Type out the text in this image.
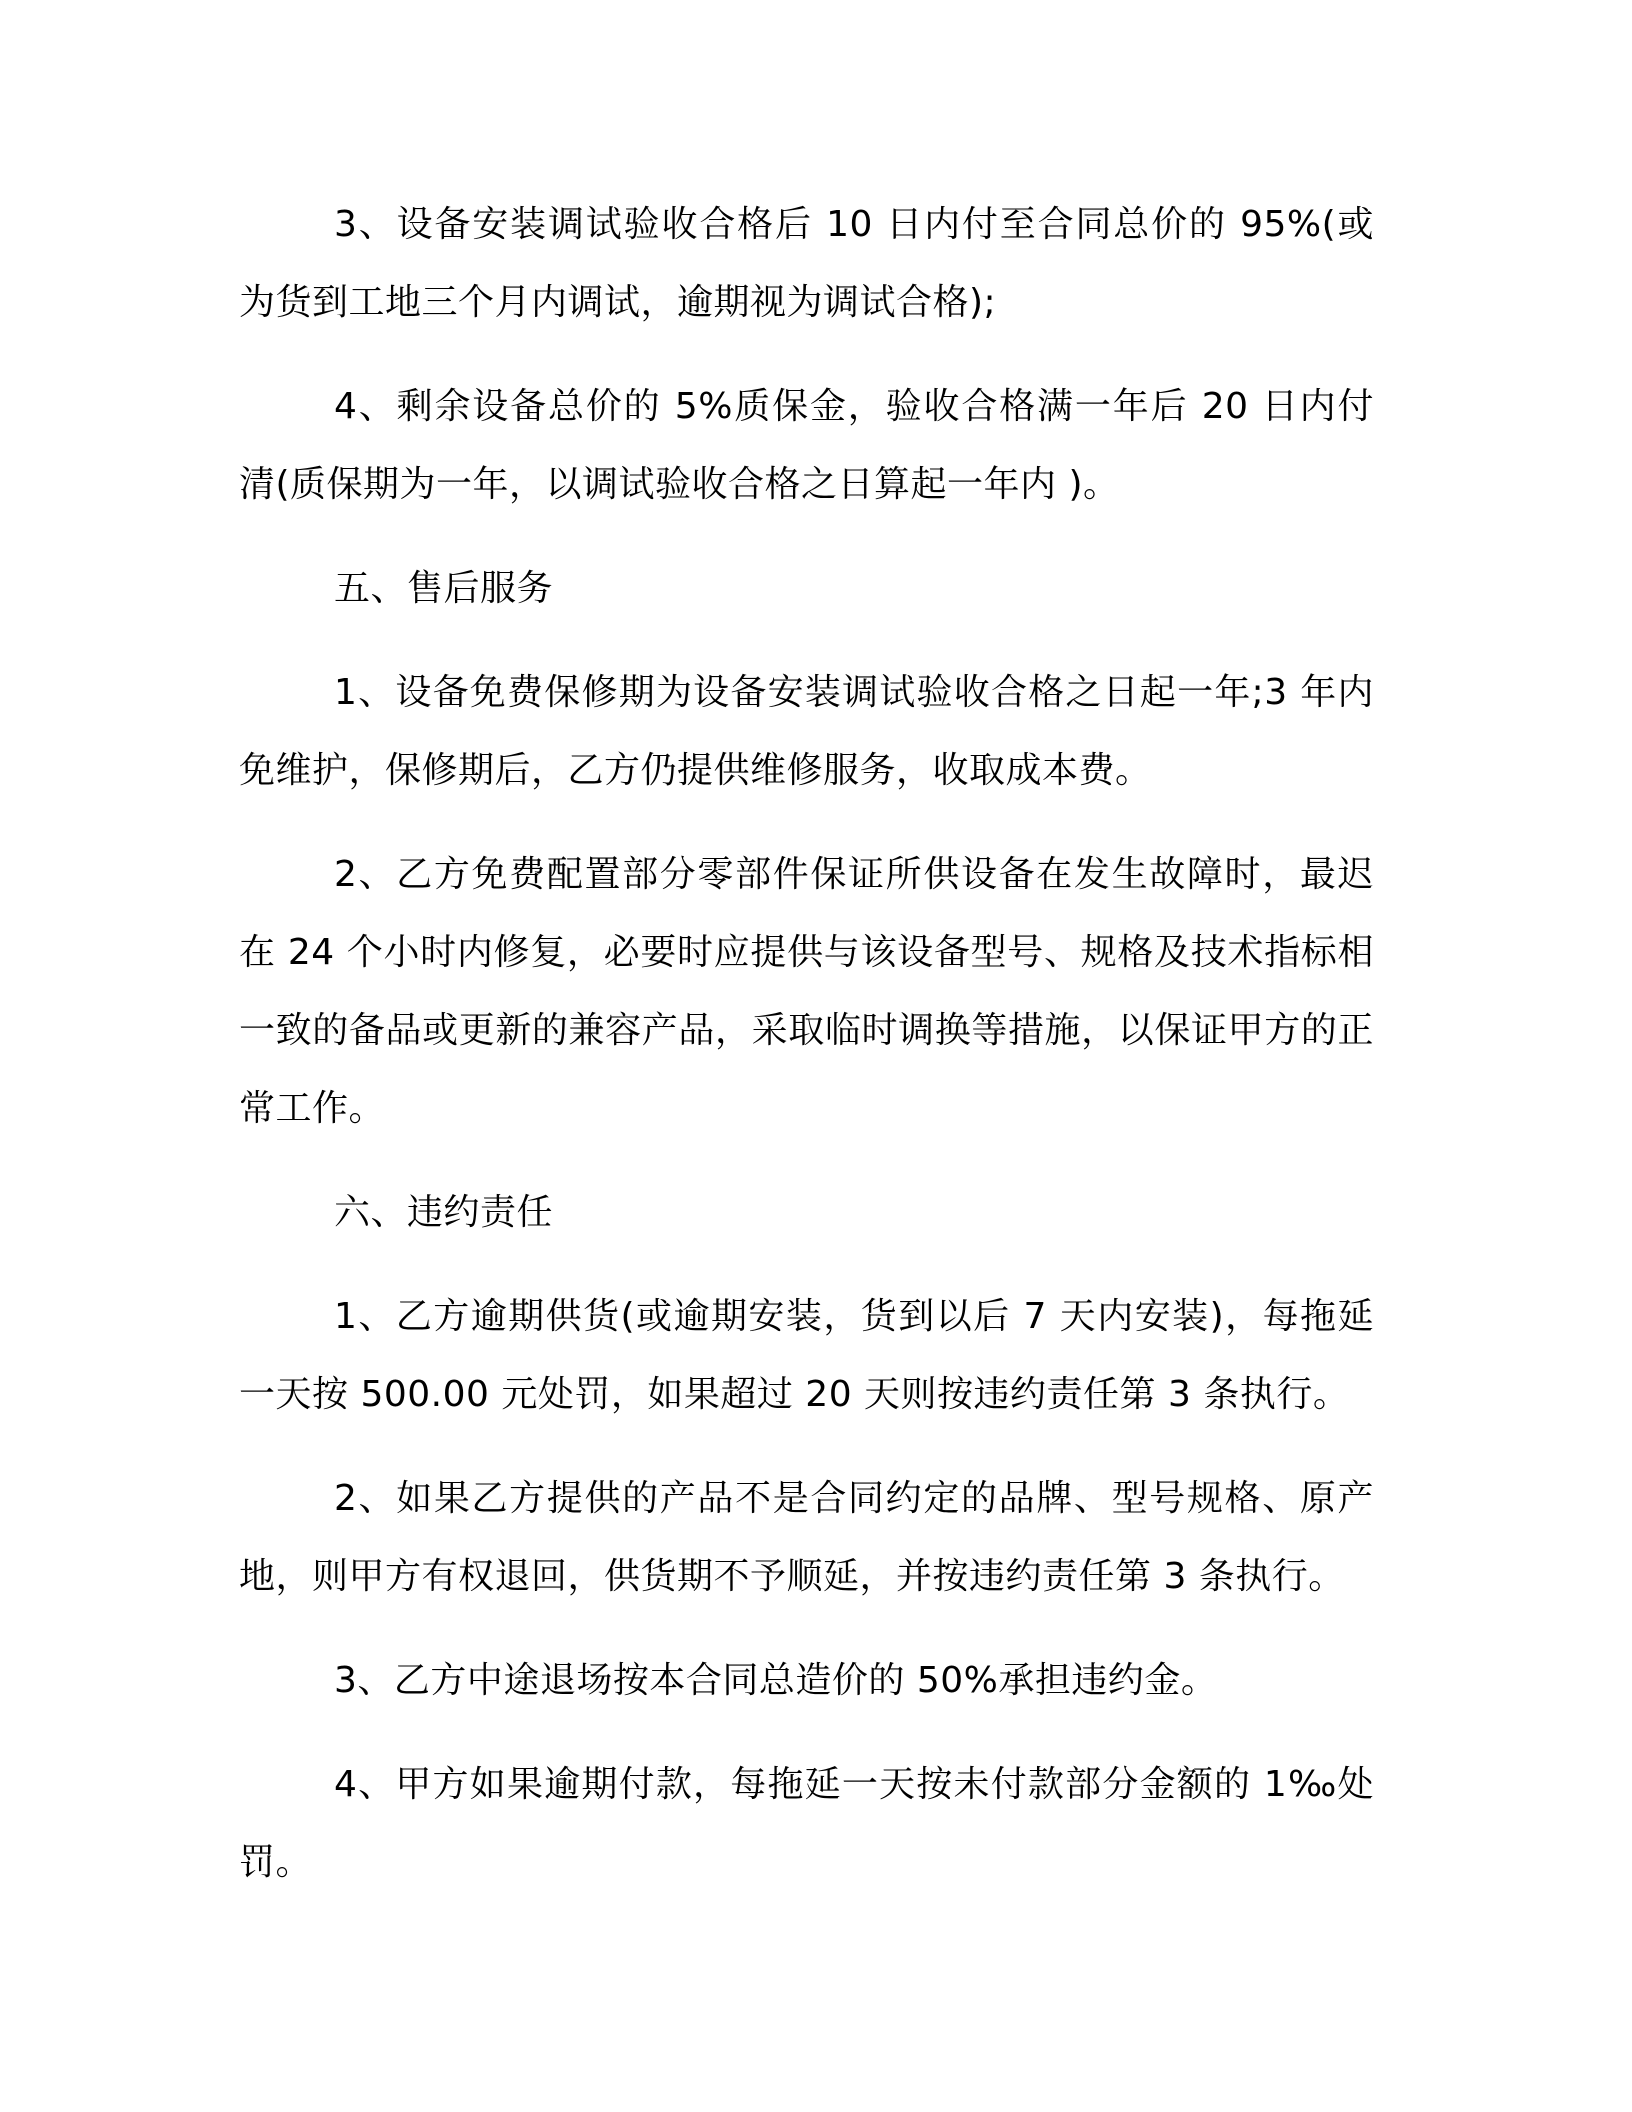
3、设备安装调试验收合格后 10 日内付至合同总价的 95%(或为货到工地三个月内调试，逾期视为调试合格);

4、剩余设备总价的 5%质保金，验收合格满一年后 20 日内付清(质保期为一年，以调试验收合格之日算起一年内 )。

五、售后服务

1、设备免费保修期为设备安装调试验收合格之日起一年;3 年内免维护，保修期后，乙方仍提供维修服务，收取成本费。

2、乙方免费配置部分零部件保证所供设备在发生故障时，最迟在 24 个小时内修复，必要时应提供与该设备型号、规格及技术指标相一致的备品或更新的兼容产品，采取临时调换等措施，以保证甲方的正常工作。

六、违约责任

1、乙方逾期供货(或逾期安装，货到以后 7 天内安装)，每拖延一天按 500.00 元处罚，如果超过 20 天则按违约责任第 3 条执行。

2、如果乙方提供的产品不是合同约定的品牌、型号规格、原产地，则甲方有权退回，供货期不予顺延，并按违约责任第 3 条执行。

3、乙方中途退场按本合同总造价的 50%承担违约金。

4、甲方如果逾期付款，每拖延一天按未付款部分金额的 1‰处罚。
